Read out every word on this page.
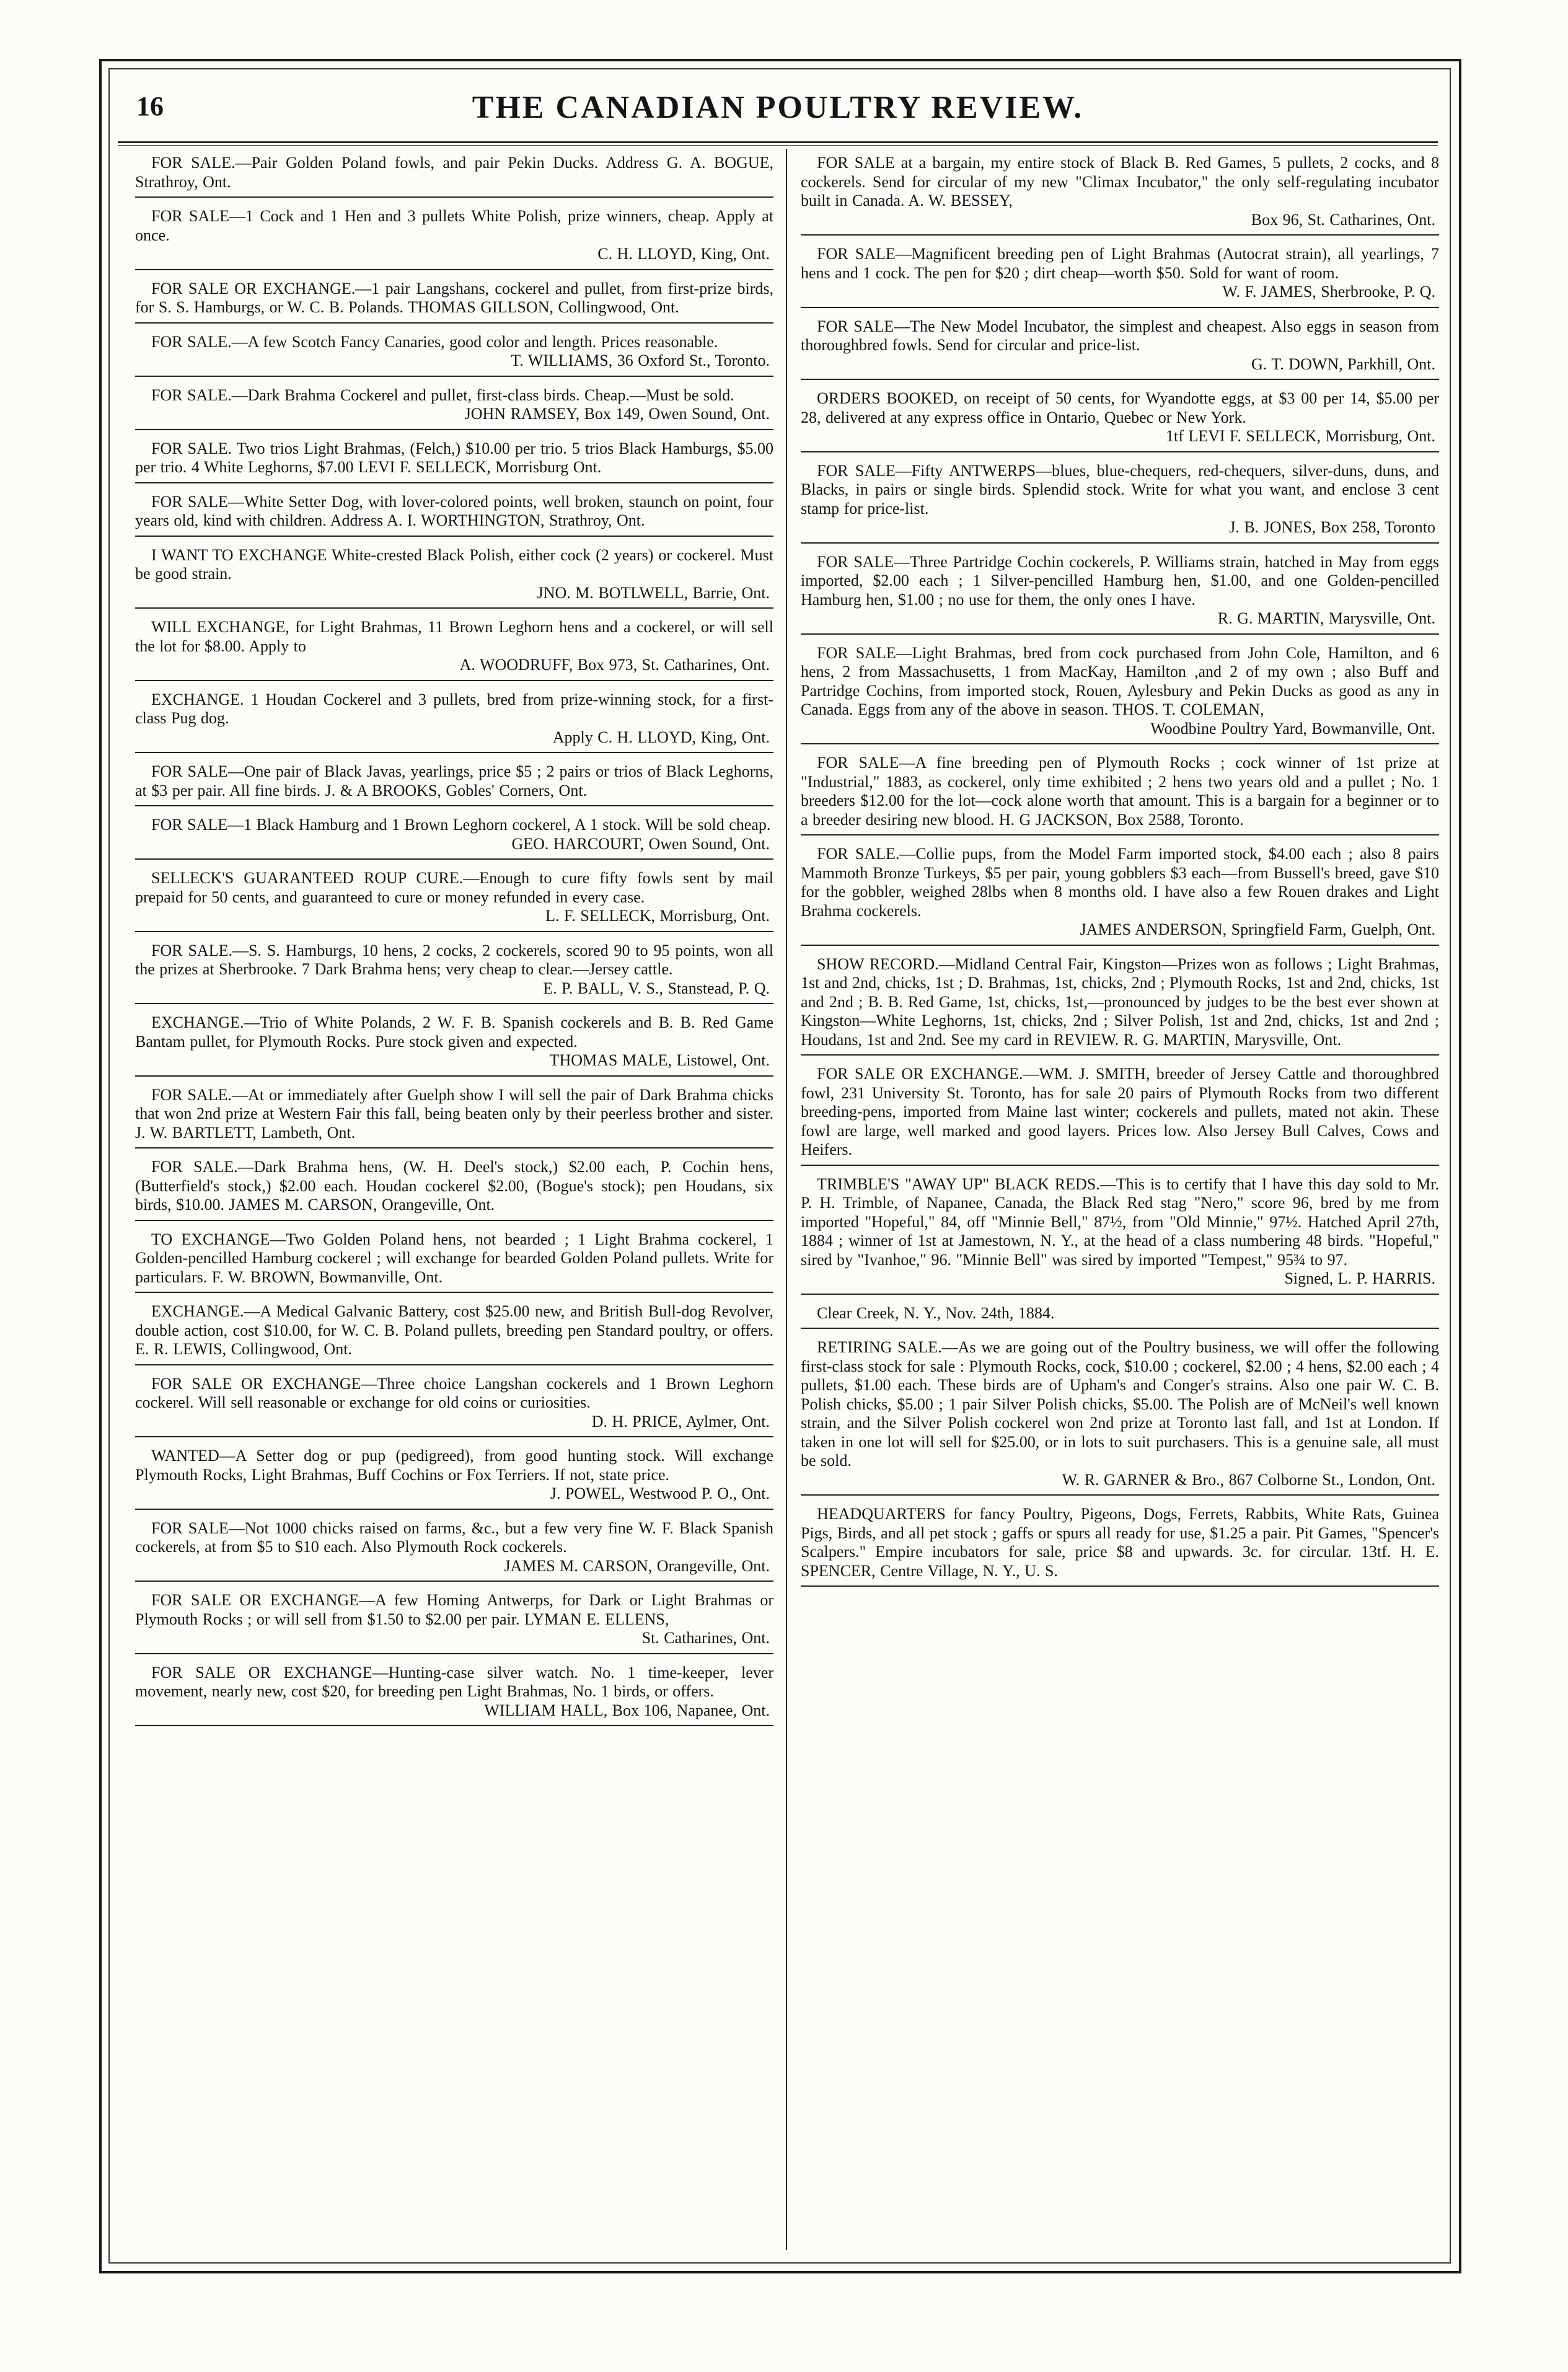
16	THE CANADIAN POULTRY REVIEW.
FOR SALE.—Pair Golden Poland fowls, and pair Pekin Ducks. Address G. A. BOGUE, Strathroy, Ont.
FOR SALE—1 Cock and 1 Hen and 3 pullets White Polish, prize winners, cheap. Apply at once.
C. H. LLOYD, King, Ont.
FOR SALE OR EXCHANGE.—1 pair Langshans, cockerel and pullet, from first-prize birds, for S. S. Hamburgs, or W. C. B. Polands. THOMAS GILLSON, Collingwood, Ont.
FOR SALE.—A few Scotch Fancy Canaries, good color and length. Prices reasonable.
T. WILLIAMS, 36 Oxford St., Toronto.
FOR SALE.—Dark Brahma Cockerel and pullet, first-class birds. Cheap.—Must be sold.
JOHN RAMSEY, Box 149, Owen Sound, Ont.
FOR SALE. Two trios Light Brahmas, (Felch,) $10.00 per trio. 5 trios Black Hamburgs, $5.00 per trio. 4 White Leghorns, $7.00 LEVI F. SELLECK, Morrisburg Ont.
FOR SALE—White Setter Dog, with lover-colored points, well broken, staunch on point, four years old, kind with children. Address A. I. WORTHINGTON, Strathroy, Ont.
I WANT TO EXCHANGE White-crested Black Polish, either cock (2 years) or cockerel. Must be good strain.
JNO. M. BOTLWELL, Barrie, Ont.
WILL EXCHANGE, for Light Brahmas, 11 Brown Leghorn hens and a cockerel, or will sell the lot for $8.00. Apply to
A. WOODRUFF, Box 973, St. Catharines, Ont.
EXCHANGE. 1 Houdan Cockerel and 3 pullets, bred from prize-winning stock, for a first-class Pug dog.
Apply C. H. LLOYD, King, Ont.
FOR SALE—One pair of Black Javas, yearlings, price $5 ; 2 pairs or trios of Black Leghorns, at $3 per pair. All fine birds. J. & A BROOKS, Gobles' Corners, Ont.
FOR SALE—1 Black Hamburg and 1 Brown Leghorn cockerel, A 1 stock. Will be sold cheap.
GEO. HARCOURT, Owen Sound, Ont.
SELLECK'S GUARANTEED ROUP CURE.—Enough to cure fifty fowls sent by mail prepaid for 50 cents, and guaranteed to cure or money refunded in every case.
L. F. SELLECK, Morrisburg, Ont.
FOR SALE.—S. S. Hamburgs, 10 hens, 2 cocks, 2 cockerels, scored 90 to 95 points, won all the prizes at Sherbrooke. 7 Dark Brahma hens; very cheap to clear.—Jersey cattle.
E. P. BALL, V. S., Stanstead, P. Q.
EXCHANGE.—Trio of White Polands, 2 W. F. B. Spanish cockerels and B. B. Red Game Bantam pullet, for Plymouth Rocks. Pure stock given and expected.
THOMAS MALE, Listowel, Ont.
FOR SALE.—At or immediately after Guelph show I will sell the pair of Dark Brahma chicks that won 2nd prize at Western Fair this fall, being beaten only by their peerless brother and sister. J. W. BARTLETT, Lambeth, Ont.
FOR SALE.—Dark Brahma hens, (W. H. Deel's stock,) $2.00 each, P. Cochin hens, (Butterfield's stock,) $2.00 each. Houdan cockerel $2.00, (Bogue's stock); pen Houdans, six birds, $10.00. JAMES M. CARSON, Orangeville, Ont.
TO EXCHANGE—Two Golden Poland hens, not bearded ; 1 Light Brahma cockerel, 1 Golden-pencilled Hamburg cockerel ; will exchange for bearded Golden Poland pullets. Write for particulars. F. W. BROWN, Bowmanville, Ont.
EXCHANGE.—A Medical Galvanic Battery, cost $25.00 new, and British Bull-dog Revolver, double action, cost $10.00, for W. C. B. Poland pullets, breeding pen Standard poultry, or offers. E. R. LEWIS, Collingwood, Ont.
FOR SALE OR EXCHANGE—Three choice Langshan cockerels and 1 Brown Leghorn cockerel. Will sell reasonable or exchange for old coins or curiosities.
D. H. PRICE, Aylmer, Ont.
WANTED—A Setter dog or pup (pedigreed), from good hunting stock. Will exchange Plymouth Rocks, Light Brahmas, Buff Cochins or Fox Terriers. If not, state price.
J. POWEL, Westwood P. O., Ont.
FOR SALE—Not 1000 chicks raised on farms, &c., but a few very fine W. F. Black Spanish cockerels, at from $5 to $10 each. Also Plymouth Rock cockerels.
JAMES M. CARSON, Orangeville, Ont.
FOR SALE OR EXCHANGE—A few Homing Antwerps, for Dark or Light Brahmas or Plymouth Rocks ; or will sell from $1.50 to $2.00 per pair. LYMAN E. ELLENS,
St. Catharines, Ont.
FOR SALE OR EXCHANGE—Hunting-case silver watch. No. 1 time-keeper, lever movement, nearly new, cost $20, for breeding pen Light Brahmas, No. 1 birds, or offers.
WILLIAM HALL, Box 106, Napanee, Ont.
FOR SALE at a bargain, my entire stock of Black B. Red Games, 5 pullets, 2 cocks, and 8 cockerels. Send for circular of my new "Climax Incubator," the only self-regulating incubator built in Canada. A. W. BESSEY,
Box 96, St. Catharines, Ont.
FOR SALE—Magnificent breeding pen of Light Brahmas (Autocrat strain), all yearlings, 7 hens and 1 cock. The pen for $20 ; dirt cheap—worth $50. Sold for want of room.
W. F. JAMES, Sherbrooke, P. Q.
FOR SALE—The New Model Incubator, the simplest and cheapest. Also eggs in season from thoroughbred fowls. Send for circular and price-list.
G. T. DOWN, Parkhill, Ont.
ORDERS BOOKED, on receipt of 50 cents, for Wyandotte eggs, at $3 00 per 14, $5.00 per 28, delivered at any express office in Ontario, Quebec or New York.
1tf LEVI F. SELLECK, Morrisburg, Ont.
FOR SALE—Fifty ANTWERPS—blues, blue-chequers, red-chequers, silver-duns, duns, and Blacks, in pairs or single birds. Splendid stock. Write for what you want, and enclose 3 cent stamp for price-list.
J. B. JONES, Box 258, Toronto
FOR SALE—Three Partridge Cochin cockerels, P. Williams strain, hatched in May from eggs imported, $2.00 each ; 1 Silver-pencilled Hamburg hen, $1.00, and one Golden-pencilled Hamburg hen, $1.00 ; no use for them, the only ones I have.
R. G. MARTIN, Marysville, Ont.
FOR SALE—Light Brahmas, bred from cock purchased from John Cole, Hamilton, and 6 hens, 2 from Massachusetts, 1 from MacKay, Hamilton ,and 2 of my own ; also Buff and Partridge Cochins, from imported stock, Rouen, Aylesbury and Pekin Ducks as good as any in Canada. Eggs from any of the above in season. THOS. T. COLEMAN,
Woodbine Poultry Yard, Bowmanville, Ont.
FOR SALE—A fine breeding pen of Plymouth Rocks ; cock winner of 1st prize at "Industrial," 1883, as cockerel, only time exhibited ; 2 hens two years old and a pullet ; No. 1 breeders $12.00 for the lot—cock alone worth that amount. This is a bargain for a beginner or to a breeder desiring new blood. H. G JACKSON, Box 2588, Toronto.
FOR SALE.—Collie pups, from the Model Farm imported stock, $4.00 each ; also 8 pairs Mammoth Bronze Turkeys, $5 per pair, young gobblers $3 each—from Bussell's breed, gave $10 for the gobbler, weighed 28lbs when 8 months old. I have also a few Rouen drakes and Light Brahma cockerels.
JAMES ANDERSON, Springfield Farm, Guelph, Ont.
SHOW RECORD.—Midland Central Fair, Kingston—Prizes won as follows ; Light Brahmas, 1st and 2nd, chicks, 1st ; D. Brahmas, 1st, chicks, 2nd ; Plymouth Rocks, 1st and 2nd, chicks, 1st and 2nd ; B. B. Red Game, 1st, chicks, 1st,—pronounced by judges to be the best ever shown at Kingston—White Leghorns, 1st, chicks, 2nd ; Silver Polish, 1st and 2nd, chicks, 1st and 2nd ; Houdans, 1st and 2nd. See my card in REVIEW. R. G. MARTIN, Marysville, Ont.
FOR SALE OR EXCHANGE.—WM. J. SMITH, breeder of Jersey Cattle and thoroughbred fowl, 231 University St. Toronto, has for sale 20 pairs of Plymouth Rocks from two different breeding-pens, imported from Maine last winter; cockerels and pullets, mated not akin. These fowl are large, well marked and good layers. Prices low. Also Jersey Bull Calves, Cows and Heifers.
TRIMBLE'S "AWAY UP" BLACK REDS.—This is to certify that I have this day sold to Mr. P. H. Trimble, of Napanee, Canada, the Black Red stag "Nero," score 96, bred by me from imported "Hopeful," 84, off "Minnie Bell," 87½, from "Old Minnie," 97½. Hatched April 27th, 1884 ; winner of 1st at Jamestown, N. Y., at the head of a class numbering 48 birds. "Hopeful," sired by "Ivanhoe," 96. "Minnie Bell" was sired by imported "Tempest," 95¾ to 97.
Signed, L. P. HARRIS.
Clear Creek, N. Y., Nov. 24th, 1884.
RETIRING SALE.—As we are going out of the Poultry business, we will offer the following first-class stock for sale : Plymouth Rocks, cock, $10.00 ; cockerel, $2.00 ; 4 hens, $2.00 each ; 4 pullets, $1.00 each. These birds are of Upham's and Conger's strains. Also one pair W. C. B. Polish chicks, $5.00 ; 1 pair Silver Polish chicks, $5.00. The Polish are of McNeil's well known strain, and the Silver Polish cockerel won 2nd prize at Toronto last fall, and 1st at London. If taken in one lot will sell for $25.00, or in lots to suit purchasers. This is a genuine sale, all must be sold.
W. R. GARNER & Bro., 867 Colborne St., London, Ont.
HEADQUARTERS for fancy Poultry, Pigeons, Dogs, Ferrets, Rabbits, White Rats, Guinea Pigs, Birds, and all pet stock ; gaffs or spurs all ready for use, $1.25 a pair. Pit Games, "Spencer's Scalpers." Empire incubators for sale, price $8 and upwards. 3c. for circular. 13tf. H. E. SPENCER, Centre Village, N. Y., U. S.
